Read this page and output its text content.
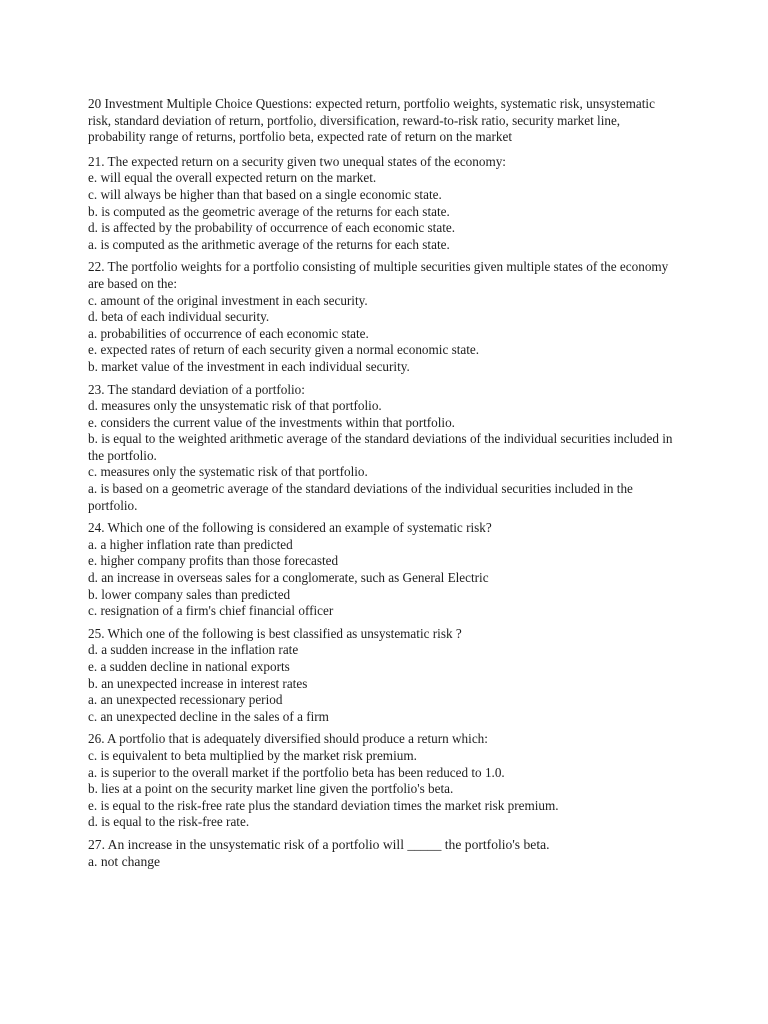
20 Investment Multiple Choice Questions: expected return, portfolio weights, systematic risk, unsystematic risk, standard deviation of return, portfolio, diversification, reward-to-risk ratio, security market line, probability range of returns, portfolio beta, expected rate of return on the market
21. The expected return on a security given two unequal states of the economy:
e. will equal the overall expected return on the market.
c. will always be higher than that based on a single economic state.
b. is computed as the geometric average of the returns for each state.
d. is affected by the probability of occurrence of each economic state.
a. is computed as the arithmetic average of the returns for each state.
22. The portfolio weights for a portfolio consisting of multiple securities given multiple states of the economy are based on the:
c. amount of the original investment in each security.
d. beta of each individual security.
a. probabilities of occurrence of each economic state.
e. expected rates of return of each security given a normal economic state.
b. market value of the investment in each individual security.
23. The standard deviation of a portfolio:
d. measures only the unsystematic risk of that portfolio.
e. considers the current value of the investments within that portfolio.
b. is equal to the weighted arithmetic average of the standard deviations of the individual securities included in the portfolio.
c. measures only the systematic risk of that portfolio.
a. is based on a geometric average of the standard deviations of the individual securities included in the portfolio.
24. Which one of the following is considered an example of systematic risk?
a. a higher inflation rate than predicted
e. higher company profits than those forecasted
d. an increase in overseas sales for a conglomerate, such as General Electric
b. lower company sales than predicted
c. resignation of a firm's chief financial officer
25. Which one of the following is best classified as unsystematic risk ?
d. a sudden increase in the inflation rate
e. a sudden decline in national exports
b. an unexpected increase in interest rates
a. an unexpected recessionary period
c. an unexpected decline in the sales of a firm
26. A portfolio that is adequately diversified should produce a return which:
c. is equivalent to beta multiplied by the market risk premium.
a. is superior to the overall market if the portfolio beta has been reduced to 1.0.
b. lies at a point on the security market line given the portfolio's beta.
e. is equal to the risk-free rate plus the standard deviation times the market risk premium.
d. is equal to the risk-free rate.
27. An increase in the unsystematic risk of a portfolio will _____ the portfolio's beta.
a. not change
